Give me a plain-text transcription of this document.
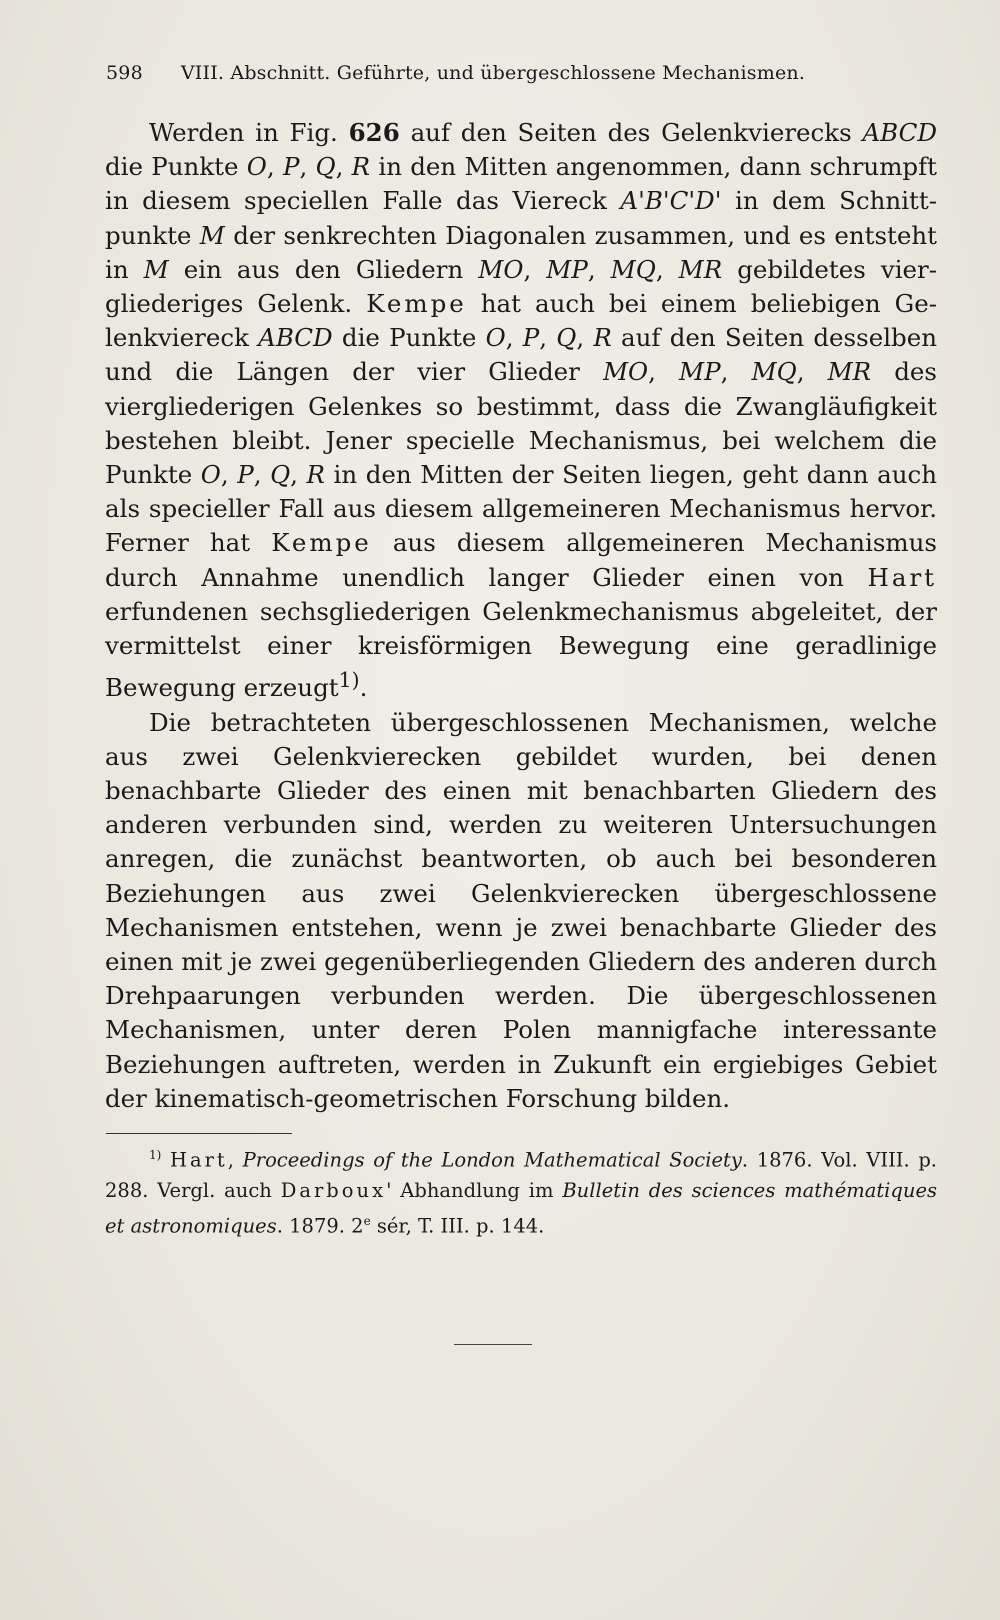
598 VIII. Abschnitt. Geführte, und übergeschlossene Mechanismen.

Werden in Fig. 626 auf den Seiten des Gelenkvierecks ABCD die Punkte O, P, Q, R in den Mitten angenommen, dann schrumpft in diesem speciellen Falle das Viereck A'B'C'D' in dem Schnittpunkte M der senkrechten Diagonalen zusammen, und es entsteht in M ein aus den Gliedern MO, MP, MQ, MR gebildetes viergliederiges Gelenk. Kempe hat auch bei einem beliebigen Gelenkviereck ABCD die Punkte O, P, Q, R auf den Seiten desselben und die Längen der vier Glieder MO, MP, MQ, MR des viergliederigen Gelenkes so bestimmt, dass die Zwangläufigkeit bestehen bleibt. Jener specielle Mechanismus, bei welchem die Punkte O, P, Q, R in den Mitten der Seiten liegen, geht dann auch als specieller Fall aus diesem allgemeineren Mechanismus hervor. Ferner hat Kempe aus diesem allgemeineren Mechanismus durch Annahme unendlich langer Glieder einen von Hart erfundenen sechsgliederigen Gelenkmechanismus abgeleitet, der vermittelst einer kreisförmigen Bewegung eine geradlinige Bewegung erzeugt$^{1)}$.

Die betrachteten übergeschlossenen Mechanismen, welche aus zwei Gelenkvierecken gebildet wurden, bei denen benachbarte Glieder des einen mit benachbarten Gliedern des anderen verbunden sind, werden zu weiteren Untersuchungen anregen, die zunächst beantworten, ob auch bei besonderen Beziehungen aus zwei Gelenkvierecken übergeschlossene Mechanismen entstehen, wenn je zwei benachbarte Glieder des einen mit je zwei gegenüberliegenden Gliedern des anderen durch Drehpaarungen verbunden werden. Die übergeschlossenen Mechanismen, unter deren Polen mannigfache interessante Beziehungen auftreten, werden in Zukunft ein ergiebiges Gebiet der kinematisch-geometrischen Forschung bilden.

$^{1)}$ Hart, Proceedings of the London Mathematical Society. 1876. Vol. VIII. p. 288. Vergl. auch Darboux' Abhandlung im Bulletin des sciences mathématiques et astronomiques. 1879. 2e sér, T. III. p. 144.
